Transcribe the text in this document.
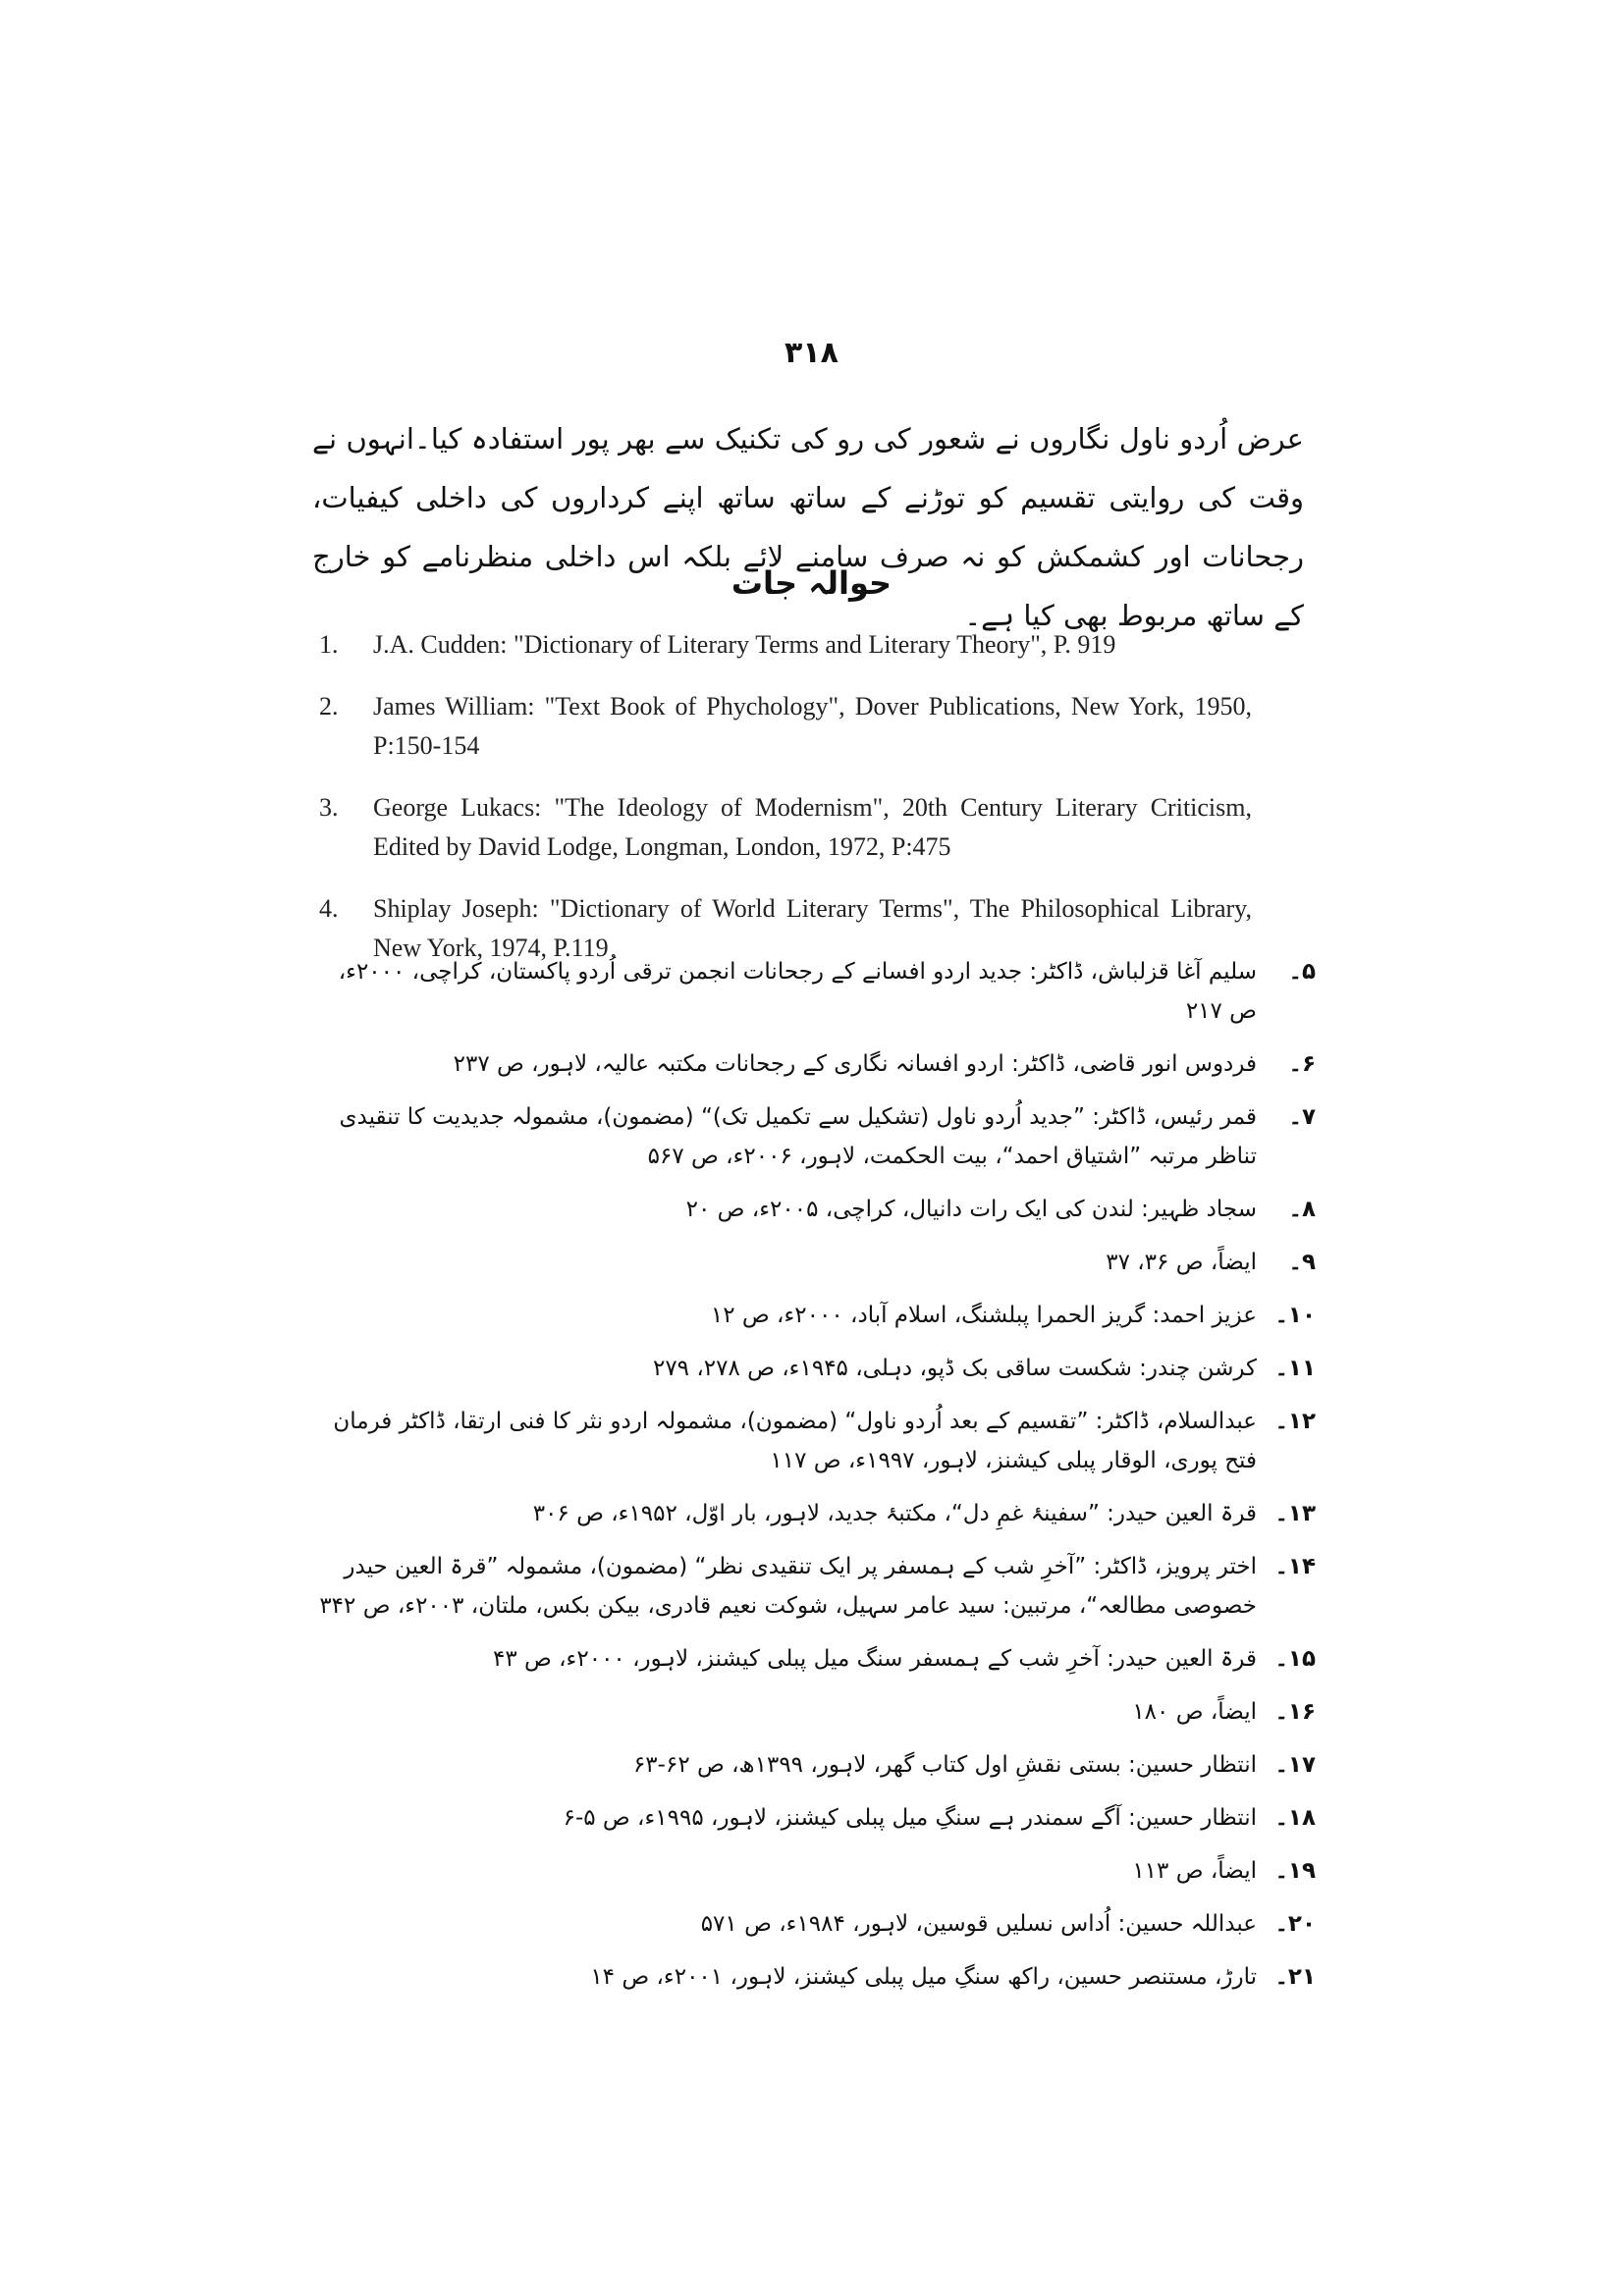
۳۱۸

عرض اُردو ناول نگاروں نے شعور کی رو کی تکنیک سے بھر پور استفادہ کیا۔انہوں نے وقت کی روایتی تقسیم کو توڑنے کے ساتھ ساتھ اپنے کرداروں کی داخلی کیفیات، رجحانات اور کشمکش کو نہ صرف سامنے لائے بلکہ اس داخلی منظرنامے کو خارج کے ساتھ مربوط بھی کیا ہے۔

حوالہ جات
1.	J.A. Cudden: "Dictionary of Literary Terms and Literary Theory", P. 919
2.	James William: "Text Book of Phychology", Dover Publications, New York, 1950, P:150-154
3.	George Lukacs: "The Ideology of Modernism", 20th Century Literary Criticism, Edited by David Lodge, Longman, London, 1972, P:475
4.	Shiplay Joseph: "Dictionary of World Literary Terms", The Philosophical Library, New York, 1974, P.119
۵۔
سلیم آغا قزلباش، ڈاکٹر: جدید اردو افسانے کے رجحانات انجمن ترقی اُردو پاکستان، کراچی، ۲۰۰۰ء، ص ۲۱۷
۶۔
فردوس انور قاضی، ڈاکٹر: اردو افسانہ نگاری کے رجحانات مکتبہ عالیہ، لاہور، ص ۲۳۷
۷۔
قمر رئیس، ڈاکٹر: ”جدید اُردو ناول (تشکیل سے تکمیل تک)“ (مضمون)، مشمولہ جدیدیت کا تنقیدی تناظر مرتبہ ”اشتیاق احمد“، بیت الحکمت، لاہور، ۲۰۰۶ء، ص ۵۶۷
۸۔
سجاد ظہیر: لندن کی ایک رات دانیال، کراچی، ۲۰۰۵ء، ص ۲۰
۹۔
ایضاً، ص ۳۶، ۳۷
۱۰۔
عزیز احمد: گریز الحمرا پبلشنگ، اسلام آباد، ۲۰۰۰ء، ص ۱۲
۱۱۔
کرشن چندر: شکست ساقی بک ڈپو، دہلی، ۱۹۴۵ء، ص ۲۷۸، ۲۷۹
۱۲۔
عبدالسلام، ڈاکٹر: ”تقسیم کے بعد اُردو ناول“ (مضمون)، مشمولہ اردو نثر کا فنی ارتقا، ڈاکٹر فرمان فتح پوری، الوقار پبلی کیشنز، لاہور، ۱۹۹۷ء، ص ۱۱۷
۱۳۔
قرۃ العین حیدر: ”سفینۂ غمِ دل“، مکتبۂ جدید، لاہور، بار اوّل، ۱۹۵۲ء، ص ۳۰۶
۱۴۔
اختر پرویز، ڈاکٹر: ”آخرِ شب کے ہمسفر پر ایک تنقیدی نظر“ (مضمون)، مشمولہ ”قرۃ العین حیدر خصوصی مطالعہ“، مرتبین: سید عامر سہیل، شوکت نعیم قادری، بیکن بکس، ملتان، ۲۰۰۳ء، ص ۳۴۲
۱۵۔
قرۃ العین حیدر: آخرِ شب کے ہمسفر سنگ میل پبلی کیشنز، لاہور، ۲۰۰۰ء، ص ۴۳
۱۶۔
ایضاً، ص ۱۸۰
۱۷۔
انتظار حسین: بستی نقشِ اول کتاب گھر، لاہور، ۱۳۹۹ھ، ص ۶۲-۶۳
۱۸۔
انتظار حسین: آگے سمندر ہے سنگِ میل پبلی کیشنز، لاہور، ۱۹۹۵ء، ص ۵-۶
۱۹۔
ایضاً، ص ۱۱۳
۲۰۔
عبداللہ حسین: اُداس نسلیں قوسین، لاہور، ۱۹۸۴ء، ص ۵۷۱
۲۱۔
تارڑ، مستنصر حسین، راکھ سنگِ میل پبلی کیشنز، لاہور، ۲۰۰۱ء، ص ۱۴
